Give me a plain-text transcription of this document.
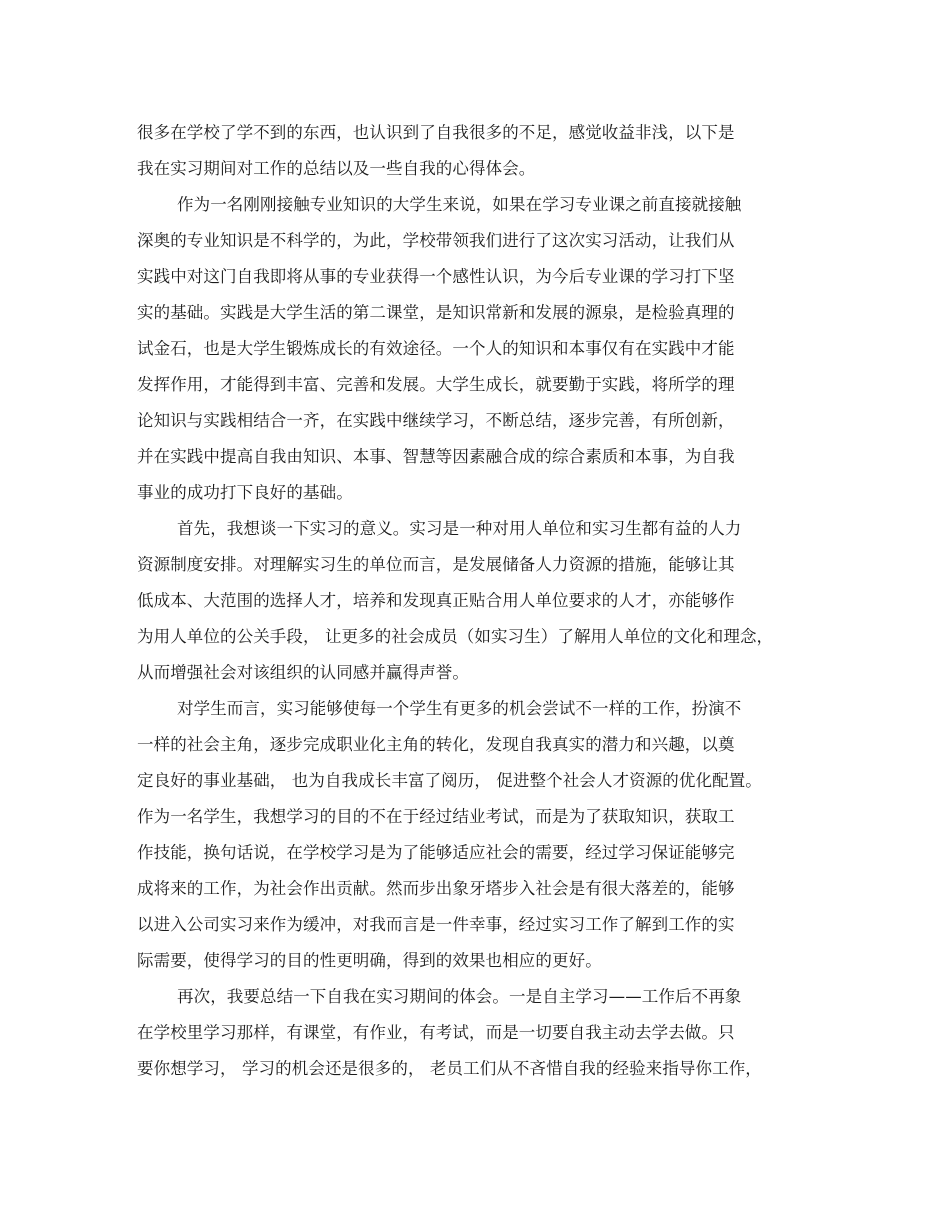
很多在学校了学不到的东西，也认识到了自我很多的不足，感觉收益非浅，以下是
我在实习期间对工作的总结以及一些自我的心得体会。
作为一名刚刚接触专业知识的大学生来说，如果在学习专业课之前直接就接触
深奥的专业知识是不科学的，为此，学校带领我们进行了这次实习活动，让我们从
实践中对这门自我即将从事的专业获得一个感性认识，为今后专业课的学习打下坚
实的基础。实践是大学生活的第二课堂，是知识常新和发展的源泉，是检验真理的
试金石，也是大学生锻炼成长的有效途径。一个人的知识和本事仅有在实践中才能
发挥作用，才能得到丰富、完善和发展。大学生成长，就要勤于实践，将所学的理
论知识与实践相结合一齐，在实践中继续学习，不断总结，逐步完善，有所创新，
并在实践中提高自我由知识、本事、智慧等因素融合成的综合素质和本事，为自我
事业的成功打下良好的基础。
首先，我想谈一下实习的意义。实习是一种对用人单位和实习生都有益的人力
资源制度安排。对理解实习生的单位而言，是发展储备人力资源的措施，能够让其
低成本、大范围的选择人才，培养和发现真正贴合用人单位要求的人才，亦能够作
为用人单位的公关手段， 让更多的社会成员（如实习生）了解用人单位的文化和理念，
从而增强社会对该组织的认同感并赢得声誉。
对学生而言，实习能够使每一个学生有更多的机会尝试不一样的工作，扮演不
一样的社会主角，逐步完成职业化主角的转化，发现自我真实的潜力和兴趣，以奠
定良好的事业基础， 也为自我成长丰富了阅历， 促进整个社会人才资源的优化配置。
作为一名学生，我想学习的目的不在于经过结业考试，而是为了获取知识，获取工
作技能，换句话说，在学校学习是为了能够适应社会的需要，经过学习保证能够完
成将来的工作，为社会作出贡献。然而步出象牙塔步入社会是有很大落差的，能够
以进入公司实习来作为缓冲，对我而言是一件幸事，经过实习工作了解到工作的实
际需要，使得学习的目的性更明确，得到的效果也相应的更好。
再次，我要总结一下自我在实习期间的体会。一是自主学习——工作后不再象
在学校里学习那样，有课堂，有作业，有考试，而是一切要自我主动去学去做。只
要你想学习， 学习的机会还是很多的， 老员工们从不吝惜自我的经验来指导你工作，
